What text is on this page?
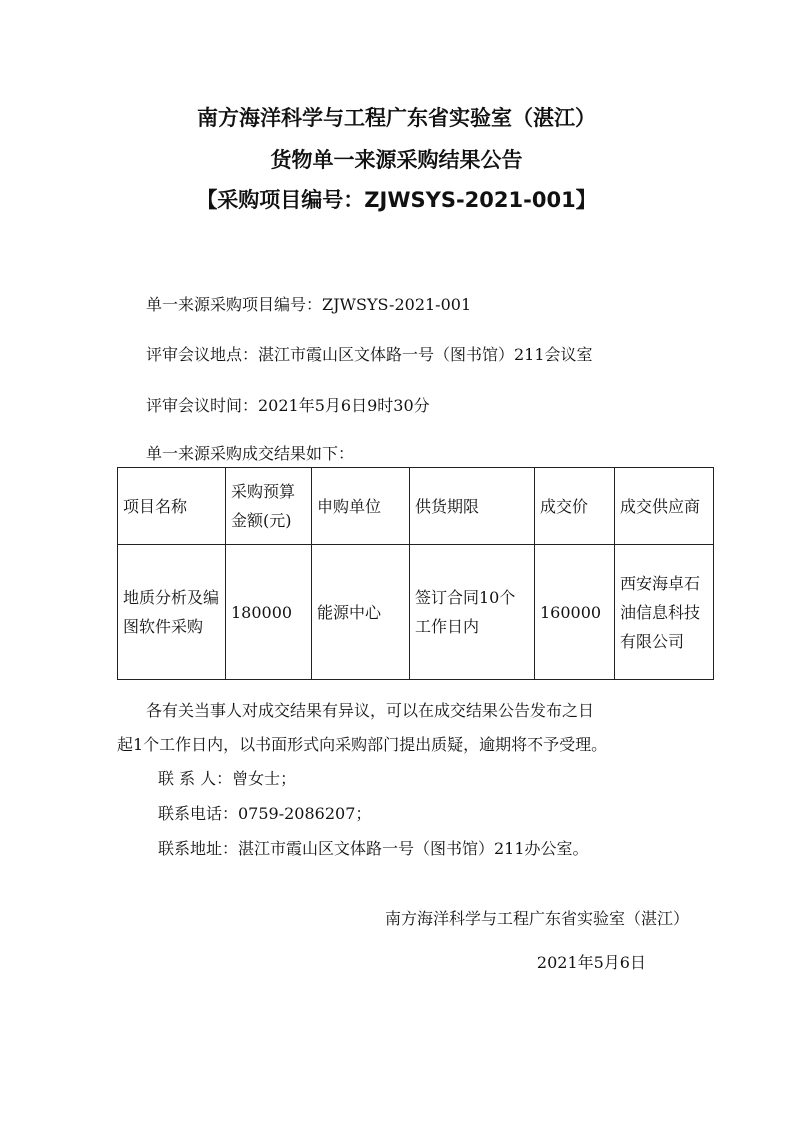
南方海洋科学与工程广东省实验室（湛江）
货物单一来源采购结果公告
【采购项目编号：ZJWSYS-2021-001】
单一来源采购项目编号：ZJWSYS-2021-001
评审会议地点：湛江市霞山区文体路一号（图书馆）211会议室
评审会议时间：2021年5月6日9时30分
单一来源采购成交结果如下：
项目名称	采购预算金额(元)	申购单位	供货期限	成交价	成交供应商
地质分析及编图软件采购	180000	能源中心	签订合同10个工作日内	160000	西安海卓石油信息科技有限公司
各有关当事人对成交结果有异议，可以在成交结果公告发布之日
起1个工作日内，以书面形式向采购部门提出质疑，逾期将不予受理。
联 系 人：曾女士；
联系电话：0759-2086207；
联系地址：湛江市霞山区文体路一号（图书馆）211办公室。
南方海洋科学与工程广东省实验室（湛江）
2021年5月6日
